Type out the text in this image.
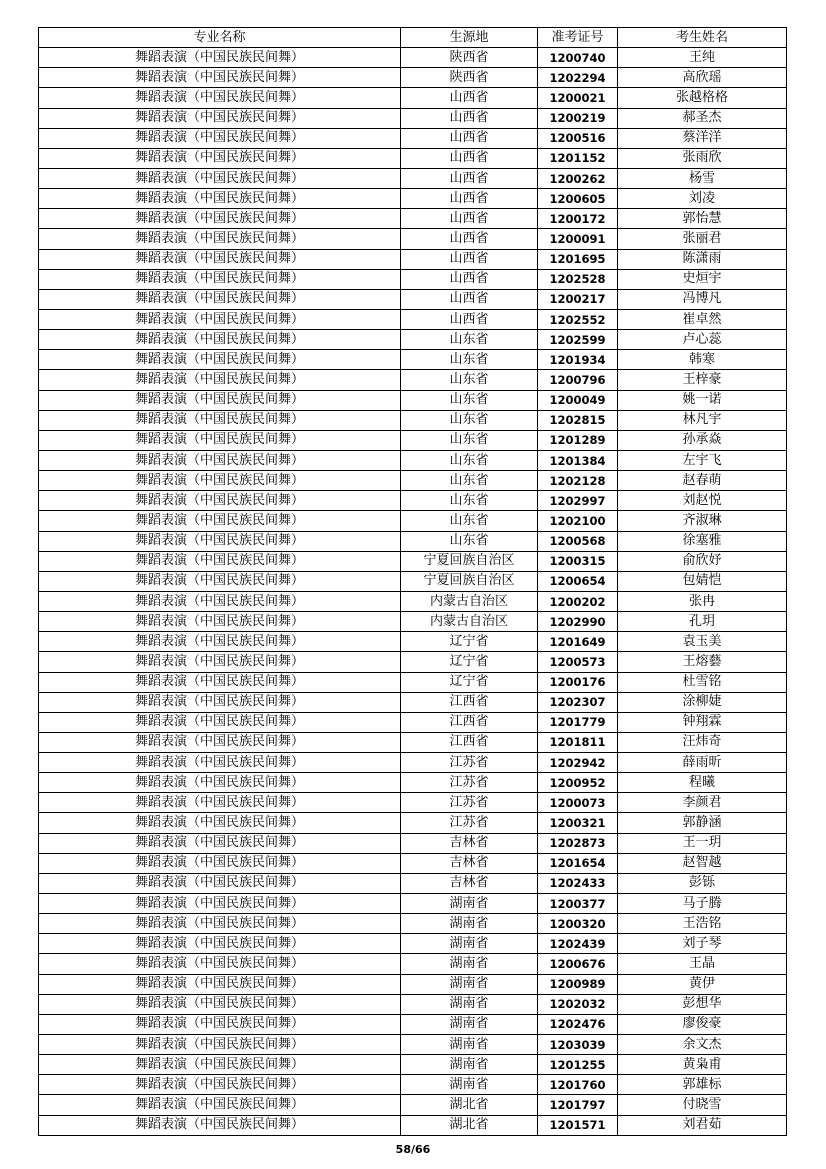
专业名称	生源地	准考证号	考生姓名
舞蹈表演（中国民族民间舞）	陕西省	1200740	王纯
舞蹈表演（中国民族民间舞）	陕西省	1202294	高欣瑶
舞蹈表演（中国民族民间舞）	山西省	1200021	张越格格
舞蹈表演（中国民族民间舞）	山西省	1200219	郝圣杰
舞蹈表演（中国民族民间舞）	山西省	1200516	蔡洋洋
舞蹈表演（中国民族民间舞）	山西省	1201152	张雨欣
舞蹈表演（中国民族民间舞）	山西省	1200262	杨雪
舞蹈表演（中国民族民间舞）	山西省	1200605	刘凌
舞蹈表演（中国民族民间舞）	山西省	1200172	郭怡慧
舞蹈表演（中国民族民间舞）	山西省	1200091	张丽君
舞蹈表演（中国民族民间舞）	山西省	1201695	陈潇雨
舞蹈表演（中国民族民间舞）	山西省	1202528	史烜宇
舞蹈表演（中国民族民间舞）	山西省	1200217	冯博凡
舞蹈表演（中国民族民间舞）	山西省	1202552	崔卓然
舞蹈表演（中国民族民间舞）	山东省	1202599	卢心蕊
舞蹈表演（中国民族民间舞）	山东省	1201934	韩寒
舞蹈表演（中国民族民间舞）	山东省	1200796	王梓豪
舞蹈表演（中国民族民间舞）	山东省	1200049	姚一诺
舞蹈表演（中国民族民间舞）	山东省	1202815	林凡宇
舞蹈表演（中国民族民间舞）	山东省	1201289	孙承焱
舞蹈表演（中国民族民间舞）	山东省	1201384	左宇飞
舞蹈表演（中国民族民间舞）	山东省	1202128	赵春萌
舞蹈表演（中国民族民间舞）	山东省	1202997	刘赵悦
舞蹈表演（中国民族民间舞）	山东省	1202100	齐淑琳
舞蹈表演（中国民族民间舞）	山东省	1200568	徐塞雅
舞蹈表演（中国民族民间舞）	宁夏回族自治区	1200315	俞欣妤
舞蹈表演（中国民族民间舞）	宁夏回族自治区	1200654	包婧恺
舞蹈表演（中国民族民间舞）	内蒙古自治区	1200202	张冉
舞蹈表演（中国民族民间舞）	内蒙古自治区	1202990	孔玥
舞蹈表演（中国民族民间舞）	辽宁省	1201649	袁玉美
舞蹈表演（中国民族民间舞）	辽宁省	1200573	王熔藝
舞蹈表演（中国民族民间舞）	辽宁省	1200176	杜雪铭
舞蹈表演（中国民族民间舞）	江西省	1202307	涂柳婕
舞蹈表演（中国民族民间舞）	江西省	1201779	钟翔霖
舞蹈表演（中国民族民间舞）	江西省	1201811	汪炜奇
舞蹈表演（中国民族民间舞）	江苏省	1202942	薛雨昕
舞蹈表演（中国民族民间舞）	江苏省	1200952	程曦
舞蹈表演（中国民族民间舞）	江苏省	1200073	李颜君
舞蹈表演（中国民族民间舞）	江苏省	1200321	郭静涵
舞蹈表演（中国民族民间舞）	吉林省	1202873	王一玥
舞蹈表演（中国民族民间舞）	吉林省	1201654	赵智越
舞蹈表演（中国民族民间舞）	吉林省	1202433	彭铄
舞蹈表演（中国民族民间舞）	湖南省	1200377	马子腾
舞蹈表演（中国民族民间舞）	湖南省	1200320	王浩铭
舞蹈表演（中国民族民间舞）	湖南省	1202439	刘子琴
舞蹈表演（中国民族民间舞）	湖南省	1200676	王晶
舞蹈表演（中国民族民间舞）	湖南省	1200989	黄伊
舞蹈表演（中国民族民间舞）	湖南省	1202032	彭想华
舞蹈表演（中国民族民间舞）	湖南省	1202476	廖俊豪
舞蹈表演（中国民族民间舞）	湖南省	1203039	余文杰
舞蹈表演（中国民族民间舞）	湖南省	1201255	黄枭甫
舞蹈表演（中国民族民间舞）	湖南省	1201760	郭雄标
舞蹈表演（中国民族民间舞）	湖北省	1201797	付晓雪
舞蹈表演（中国民族民间舞）	湖北省	1201571	刘君茹
58/66
